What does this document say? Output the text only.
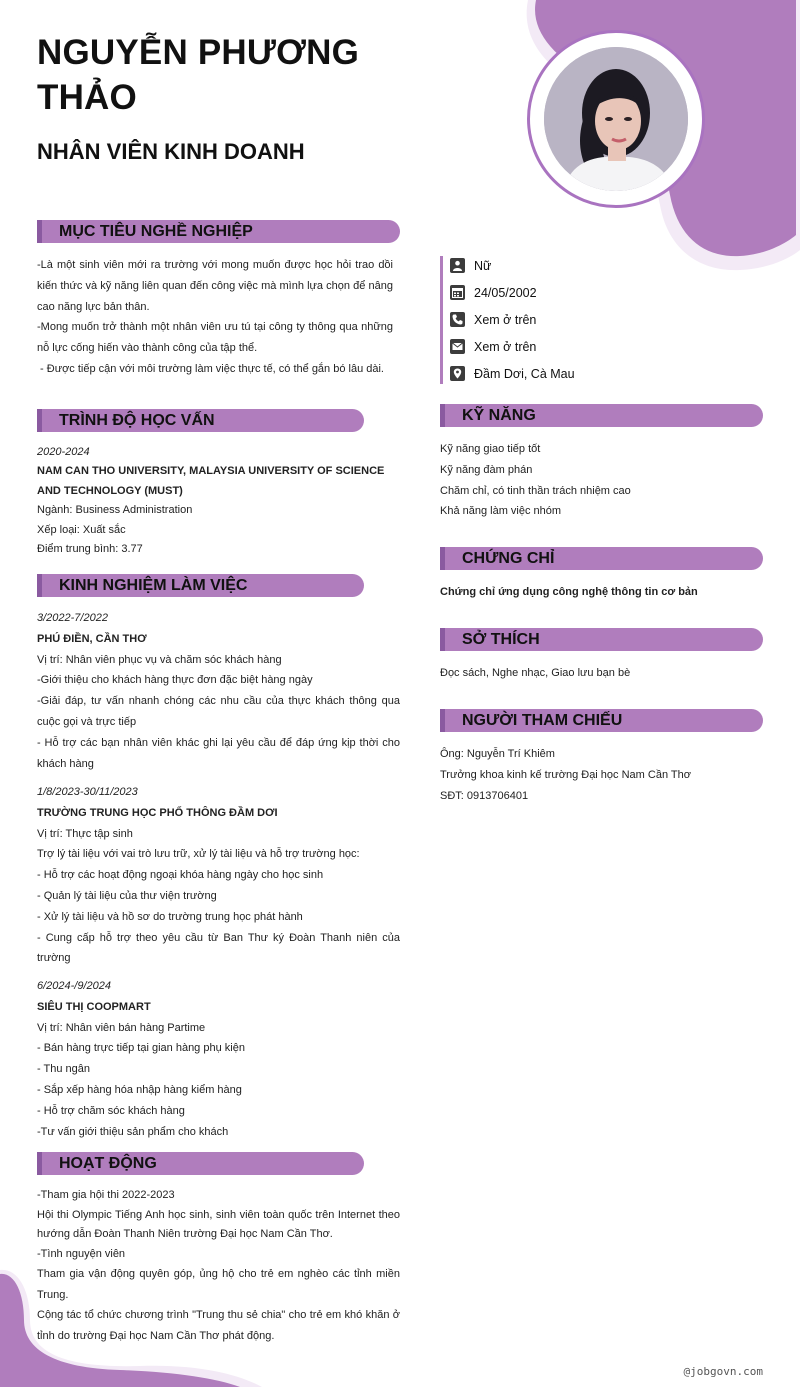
NGUYỄN PHƯƠNG THẢO
NHÂN VIÊN KINH DOANH
MỤC TIÊU NGHỀ NGHIỆP
-Là một sinh viên mới ra trường với mong muốn được học hỏi trao dồi kiến thức và kỹ năng liên quan đến công việc mà mình lựa chọn để nâng cao năng lực bản thân.
-Mong muốn trở thành một nhân viên ưu tú tại công ty thông qua những nỗ lực cống hiến vào thành công của tập thể.
- Được tiếp cận với môi trường làm việc thực tế, có thể gắn bó lâu dài.
TRÌNH ĐỘ HỌC VẤN
2020-2024
NAM CAN THO UNIVERSITY, MALAYSIA UNIVERSITY OF SCIENCE AND TECHNOLOGY (MUST)
Ngành: Business Administration
Xếp loại: Xuất sắc
Điểm trung bình: 3.77
KINH NGHIỆM LÀM VIỆC
3/2022-7/2022
PHÚ ĐIỀN, CẦN THƠ
Vị trí: Nhân viên phục vụ và chăm sóc khách hàng
-Giới thiệu cho khách hàng thực đơn đặc biệt hàng ngày
-Giải đáp, tư vấn nhanh chóng các nhu cầu của thực khách thông qua cuộc gọi và trực tiếp
- Hỗ trợ các bạn nhân viên khác ghi lại yêu cầu để đáp ứng kịp thời cho khách hàng
1/8/2023-30/11/2023
TRƯỜNG TRUNG HỌC PHỔ THÔNG ĐẦM DƠI
Vị trí: Thực tập sinh
Trợ lý tài liệu với vai trò lưu trữ, xử lý tài liệu và hỗ trợ trường học:
- Hỗ trợ các hoạt động ngoại khóa hàng ngày cho học sinh
- Quản lý tài liệu của thư viện trường
- Xử lý tài liệu và hồ sơ do trường trung học phát hành
- Cung cấp hỗ trợ theo yêu cầu từ Ban Thư ký Đoàn Thanh niên của trường
6/2024-/9/2024
SIÊU THỊ COOPMART
Vị trí: Nhân viên bán hàng Partime
- Bán hàng trực tiếp tại gian hàng phụ kiện
- Thu ngân
- Sắp xếp hàng hóa nhập hàng kiểm hàng
- Hỗ trợ chăm sóc khách hàng
-Tư vấn giới thiệu sản phẩm cho khách
HOẠT ĐỘNG
-Tham gia hội thi 2022-2023
Hội thi Olympic Tiếng Anh học sinh, sinh viên toàn quốc trên Internet theo hướng dẫn Đoàn Thanh Niên trường Đại học Nam Cần Thơ.
-Tình nguyện viên
Tham gia vận động quyên góp, ủng hộ cho trẻ em nghèo các tỉnh miền Trung.
Cộng tác tổ chức chương trình "Trung thu sẻ chia" cho trẻ em khó khăn ở tỉnh do trường Đại học Nam Cần Thơ phát động.
Nữ
24/05/2002
Xem ở trên
Xem ở trên
Đầm Dơi, Cà Mau
KỸ NĂNG
Kỹ năng giao tiếp tốt
Kỹ năng đàm phán
Chăm chỉ, có tinh thần trách nhiệm cao
Khả năng làm việc nhóm
CHỨNG CHỈ
Chứng chỉ ứng dụng công nghệ thông tin cơ bản
SỞ THÍCH
Đọc sách, Nghe nhạc, Giao lưu bạn bè
NGƯỜI THAM CHIẾU
Ông: Nguyễn Trí Khiêm
Trưởng khoa kinh kế trường Đại học Nam Cần Thơ
SĐT: 0913706401
@jobgovn.com
